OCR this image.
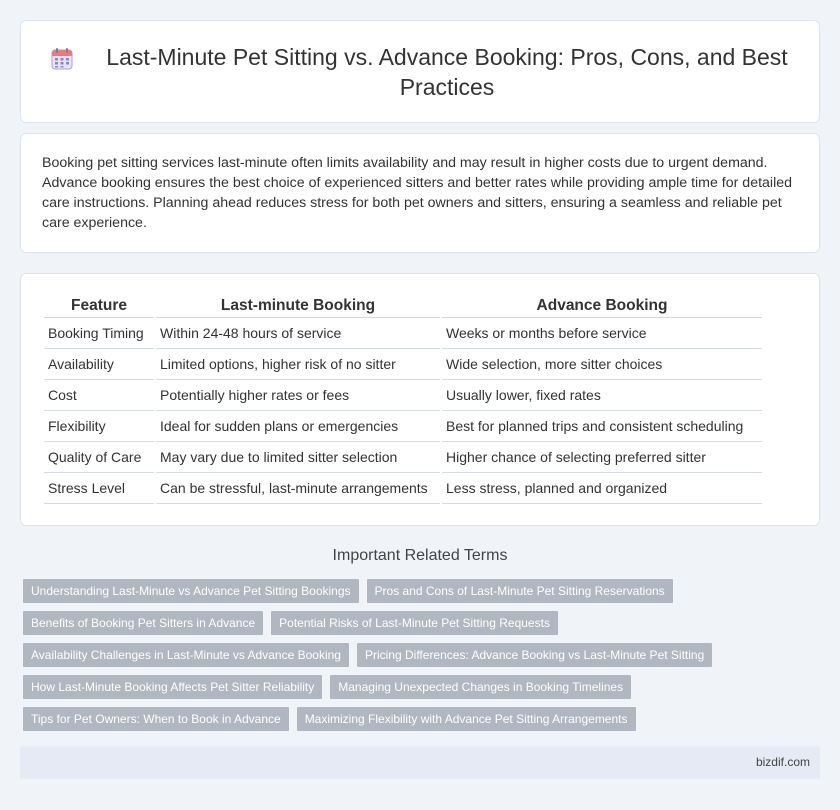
Last-Minute Pet Sitting vs. Advance Booking: Pros, Cons, and Best Practices

Booking pet sitting services last-minute often limits availability and may result in higher costs due to urgent demand. Advance booking ensures the best choice of experienced sitters and better rates while providing ample time for detailed care instructions. Planning ahead reduces stress for both pet owners and sitters, ensuring a seamless and reliable pet care experience.

Feature	Last-minute Booking	Advance Booking
Booking Timing	Within 24-48 hours of service	Weeks or months before service
Availability	Limited options, higher risk of no sitter	Wide selection, more sitter choices
Cost	Potentially higher rates or fees	Usually lower, fixed rates
Flexibility	Ideal for sudden plans or emergencies	Best for planned trips and consistent scheduling
Quality of Care	May vary due to limited sitter selection	Higher chance of selecting preferred sitter
Stress Level	Can be stressful, last-minute arrangements	Less stress, planned and organized
Important Related Terms
Understanding Last-Minute vs Advance Pet Sitting Bookings	Pros and Cons of Last-Minute Pet Sitting Reservations
Benefits of Booking Pet Sitters in Advance	Potential Risks of Last-Minute Pet Sitting Requests
Availability Challenges in Last-Minute vs Advance Booking	Pricing Differences: Advance Booking vs Last-Minute Pet Sitting
How Last-Minute Booking Affects Pet Sitter Reliability	Managing Unexpected Changes in Booking Timelines
Tips for Pet Owners: When to Book in Advance	Maximizing Flexibility with Advance Pet Sitting Arrangements
bizdif.com
